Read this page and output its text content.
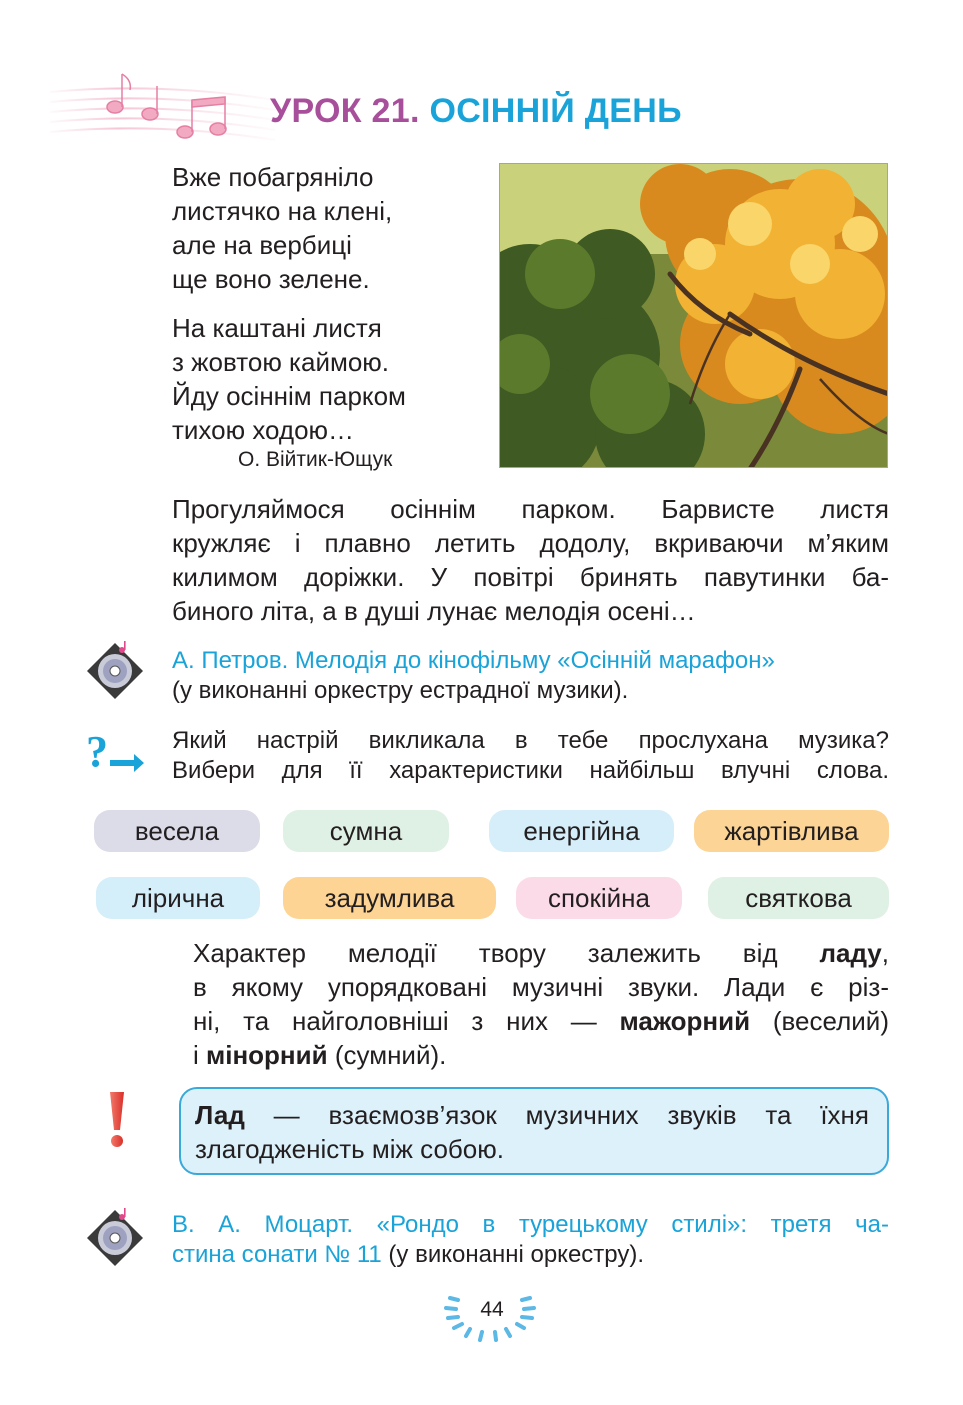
УРОК 21. ОСІННІЙ ДЕНЬ
Вже побагряніло
листячко на клені,
але на вербиці
ще воно зелене.
На каштані листя
з жовтою каймою.
Йду осіннім парком
тихою ходою…
О. Війтик-Ющук
Прогуляймося осіннім парком. Барвисте листя
кружляє і плавно летить додолу, вкриваючи м’яким
килимом доріжки. У повітрі бринять павутинки ба-
биного літа, а в душі лунає мелодія осені…
А. Петров. Мелодія до кінофільму «Осінній марафон»
(у виконанні оркестру естрадної музики).
?	Який настрій викликала в тебе прослухана музика?
Вибери для її характеристики найбільш влучні слова.
весела	сумна	енергійна	жартівлива
лірична	задумлива	спокійна	святкова
Характер мелодії твору залежить від ладу,
в якому упорядковані музичні звуки. Лади є різ-
ні, та найголовніші з них — мажорний (веселий)
і мінорний (сумний).
Лад — взаємозв’язок музичних звуків та їхня
злагодженість між собою.
В. А. Моцарт. «Рондо в турецькому стилі»: третя ча-
стина сонати № 11 (у виконанні оркестру).
44
